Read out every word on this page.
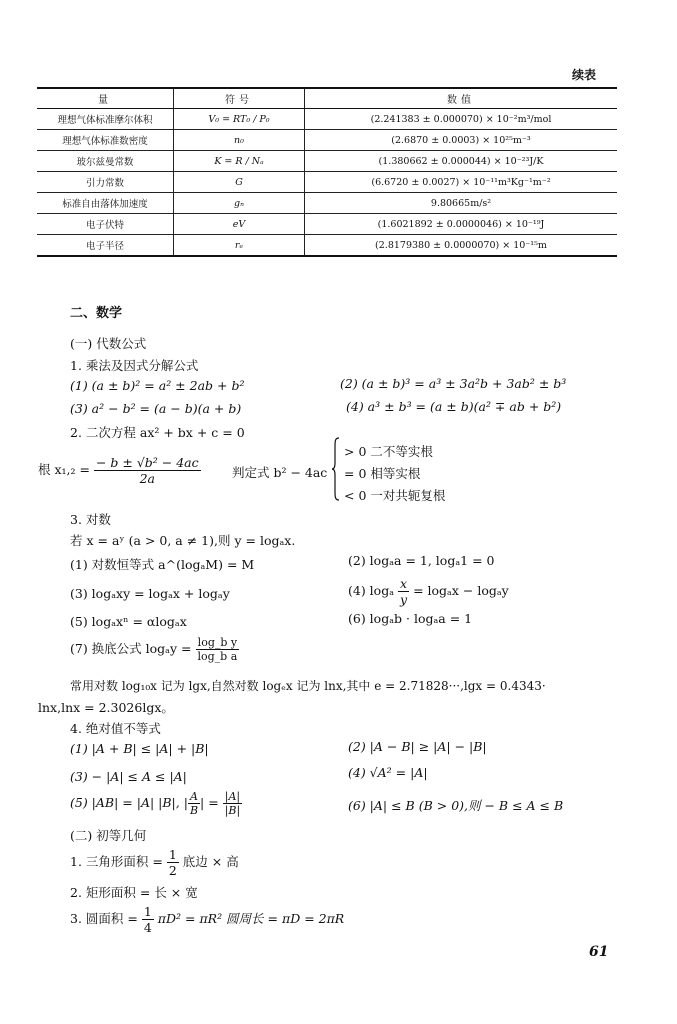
续表
量	符号	数值
理想气体标准摩尔体积	V₀ = RT₀ / P₀	(2.241383 ± 0.000070) × 10⁻²m³/mol
理想气体标准数密度	n₀	(2.6870 ± 0.0003) × 10²⁵m⁻³
玻尔兹曼常数	K = R / Nₐ	(1.380662 ± 0.000044) × 10⁻²³J/K
引力常数	G	(6.6720 ± 0.0027) × 10⁻¹¹m³Kg⁻¹m⁻²
标准自由落体加速度	gₙ	9.80665m/s²
电子伏特	eV	(1.6021892 ± 0.0000046) × 10⁻¹⁹J
电子半径	rₑ	(2.8179380 ± 0.0000070) × 10⁻¹⁵m
二、数学
(一) 代数公式
1. 乘法及因式分解公式
(1) (a ± b)² = a² ± 2ab + b²	(2) (a ± b)³ = a³ ± 3a²b + 3ab² ± b³
(3) a² − b² = (a − b)(a + b)	(4) a³ ± b³ = (a ± b)(a² ∓ ab + b²)
2. 二次方程 ax² + bx + c = 0
根 $x_1,_2 = \frac{\text{− b ± √b² − 4ac}}{2a}$	判定式 b² − 4ac
> 0 二不等实根
= 0 相等实根
< 0 一对共轭复根
3. 对数
若 x = aʸ (a > 0, a ≠ 1),则 y = logₐx.
(1) 对数恒等式 a^(logₐM) = M	(2) logₐa = 1, logₐ1 = 0
(3) logₐxy = logₐx + logₐy	(4) logₐ $\frac{x}{y} = \log_ax - \log_ay$
(5) logₐxⁿ = αlogₐx	(6) logₐb · logₐa = 1
(7) 换底公式 $\log_ay = \frac{\text{log\_b y}}{\text{log\_b a}}$
常用对数 log₁₀x 记为 lgx,自然对数 logₑx 记为 lnx,其中 e = 2.71828···,lgx = 0.4343·
lnx,lnx = 2.3026lgx。
4. 绝对值不等式
(1) |A + B| ≤ |A| + |B|	(2) |A − B| ≥ |A| − |B|
(3) − |A| ≤ A ≤ |A|	(4) √A² = |A|
(5) |AB| = |A| |B|, | $\frac{A}{B}$ | = $\frac{|A|}{|B|}$	(6) |A| ≤ B (B > 0),则 − B ≤ A ≤ B
(二) 初等几何
1. 三角形面积 = $\frac{1}{2}$ 底边 × 高
2. 矩形面积 = 长 × 宽
3. 圆面积 = $\frac{1}{4} \pi D^2 = \pi R^2$ 圆周长 = πD = 2πR
61
